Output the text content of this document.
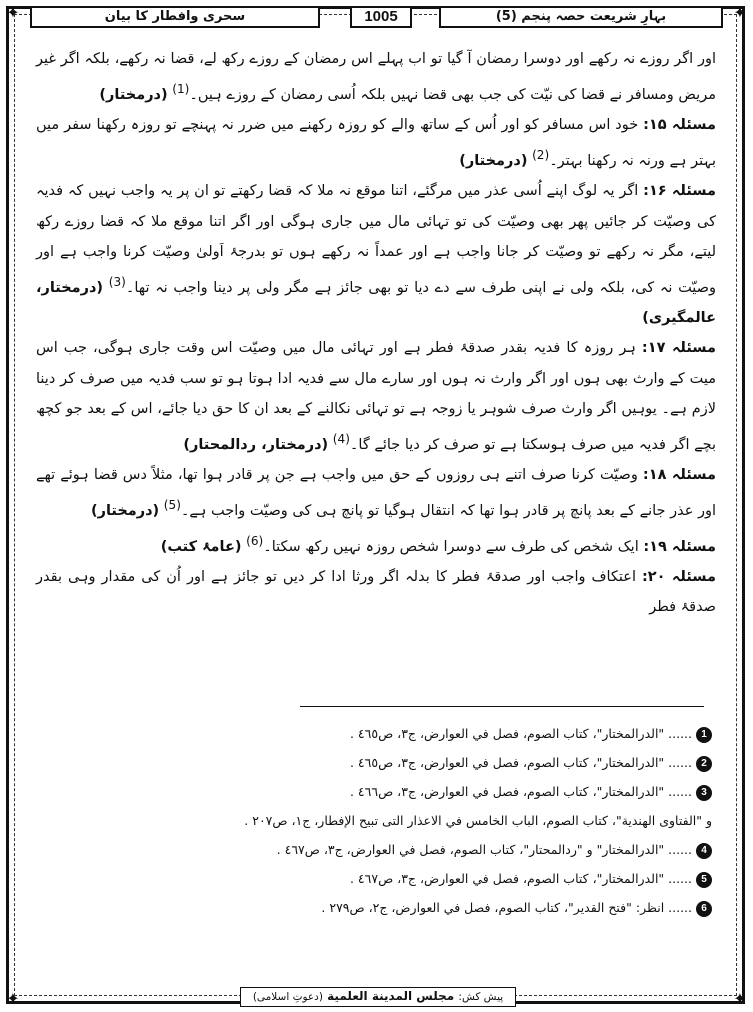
✦	✦
✦	✦
بہارِ شریعت حصہ پنجم (5)
1005
سحری وافطار کا بیان

اور اگر روزے نہ رکھے اور دوسرا رمضان آ گیا تو اب پہلے اس رمضان کے روزے رکھ لے، قضا نہ رکھے، بلکہ اگر غیر مریض ومسافر نے قضا کی نیّت کی جب بھی قضا نہیں بلکہ اُسی رمضان کے روزے ہیں۔$^{(1)}$ (درمختار)

مسئلہ ۱۵: خود اس مسافر کو اور اُس کے ساتھ والے کو روزہ رکھنے میں ضرر نہ پہنچے تو روزہ رکھنا سفر میں بہتر ہے ورنہ نہ رکھنا بہتر۔$^{(2)}$ (درمختار)

مسئلہ ۱۶: اگر یہ لوگ اپنے اُسی عذر میں مرگئے، اتنا موقع نہ ملا کہ قضا رکھتے تو ان پر یہ واجب نہیں کہ فدیہ کی وصیّت کر جائیں پھر بھی وصیّت کی تو تہائی مال میں جاری ہوگی اور اگر اتنا موقع ملا کہ قضا روزے رکھ لیتے، مگر نہ رکھے تو وصیّت کر جانا واجب ہے اور عمداً نہ رکھے ہوں تو بدرجۂ اَولیٰ وصیّت کرنا واجب ہے اور وصیّت نہ کی، بلکہ ولی نے اپنی طرف سے دے دیا تو بھی جائز ہے مگر ولی پر دینا واجب نہ تھا۔$^{(3)}$ (درمختار، عالمگیری)

مسئلہ ۱۷: ہر روزہ کا فدیہ بقدر صدقۂ فطر ہے اور تہائی مال میں وصیّت اس وقت جاری ہوگی، جب اس میت کے وارث بھی ہوں اور اگر وارث نہ ہوں اور سارے مال سے فدیہ ادا ہوتا ہو تو سب فدیہ میں صرف کر دینا لازم ہے۔ یوہیں اگر وارث صرف شوہر یا زوجہ ہے تو تہائی نکالنے کے بعد ان کا حق دیا جائے، اس کے بعد جو کچھ بچے اگر فدیہ میں صرف ہوسکتا ہے تو صرف کر دیا جائے گا۔$^{(4)}$ (درمختار، ردالمحتار)

مسئلہ ۱۸: وصیّت کرنا صرف اتنے ہی روزوں کے حق میں واجب ہے جن پر قادر ہوا تھا، مثلاً دس قضا ہوئے تھے اور عذر جانے کے بعد پانچ پر قادر ہوا تھا کہ انتقال ہوگیا تو پانچ ہی کی وصیّت واجب ہے۔$^{(5)}$ (درمختار)

مسئلہ ۱۹: ایک شخص کی طرف سے دوسرا شخص روزہ نہیں رکھ سکتا۔$^{(6)}$ (عامۂ کتب)

مسئلہ ۲۰: اعتکاف واجب اور صدقۂ فطر کا بدلہ اگر ورثا ادا کر دیں تو جائز ہے اور اُن کی مقدار وہی بقدر صدقۂ فطر

1...... "الدرالمختار"، كتاب الصوم، فصل في العوارض، ج٣، ص٤٦٥ .
2...... "الدرالمختار"، كتاب الصوم، فصل في العوارض، ج٣، ص٤٦٥ .
3...... "الدرالمختار"، كتاب الصوم، فصل في العوارض، ج٣، ص٤٦٦ .
و "الفتاوى الهندية"، كتاب الصوم، الباب الخامس في الاعذار التى تبيح الإفطار، ج١، ص٢٠٧ .
4...... "الدرالمختار" و "ردالمحتار"، كتاب الصوم، فصل في العوارض، ج٣، ص٤٦٧ .
5...... "الدرالمختار"، كتاب الصوم، فصل في العوارض، ج٣، ص٤٦٧ .
6...... انظر: "فتح القدير"، كتاب الصوم، فصل في العوارض، ج٢، ص٢٧٩ .
پیش کش: مجلس المدينة العلمية (دعوتِ اسلامی)
